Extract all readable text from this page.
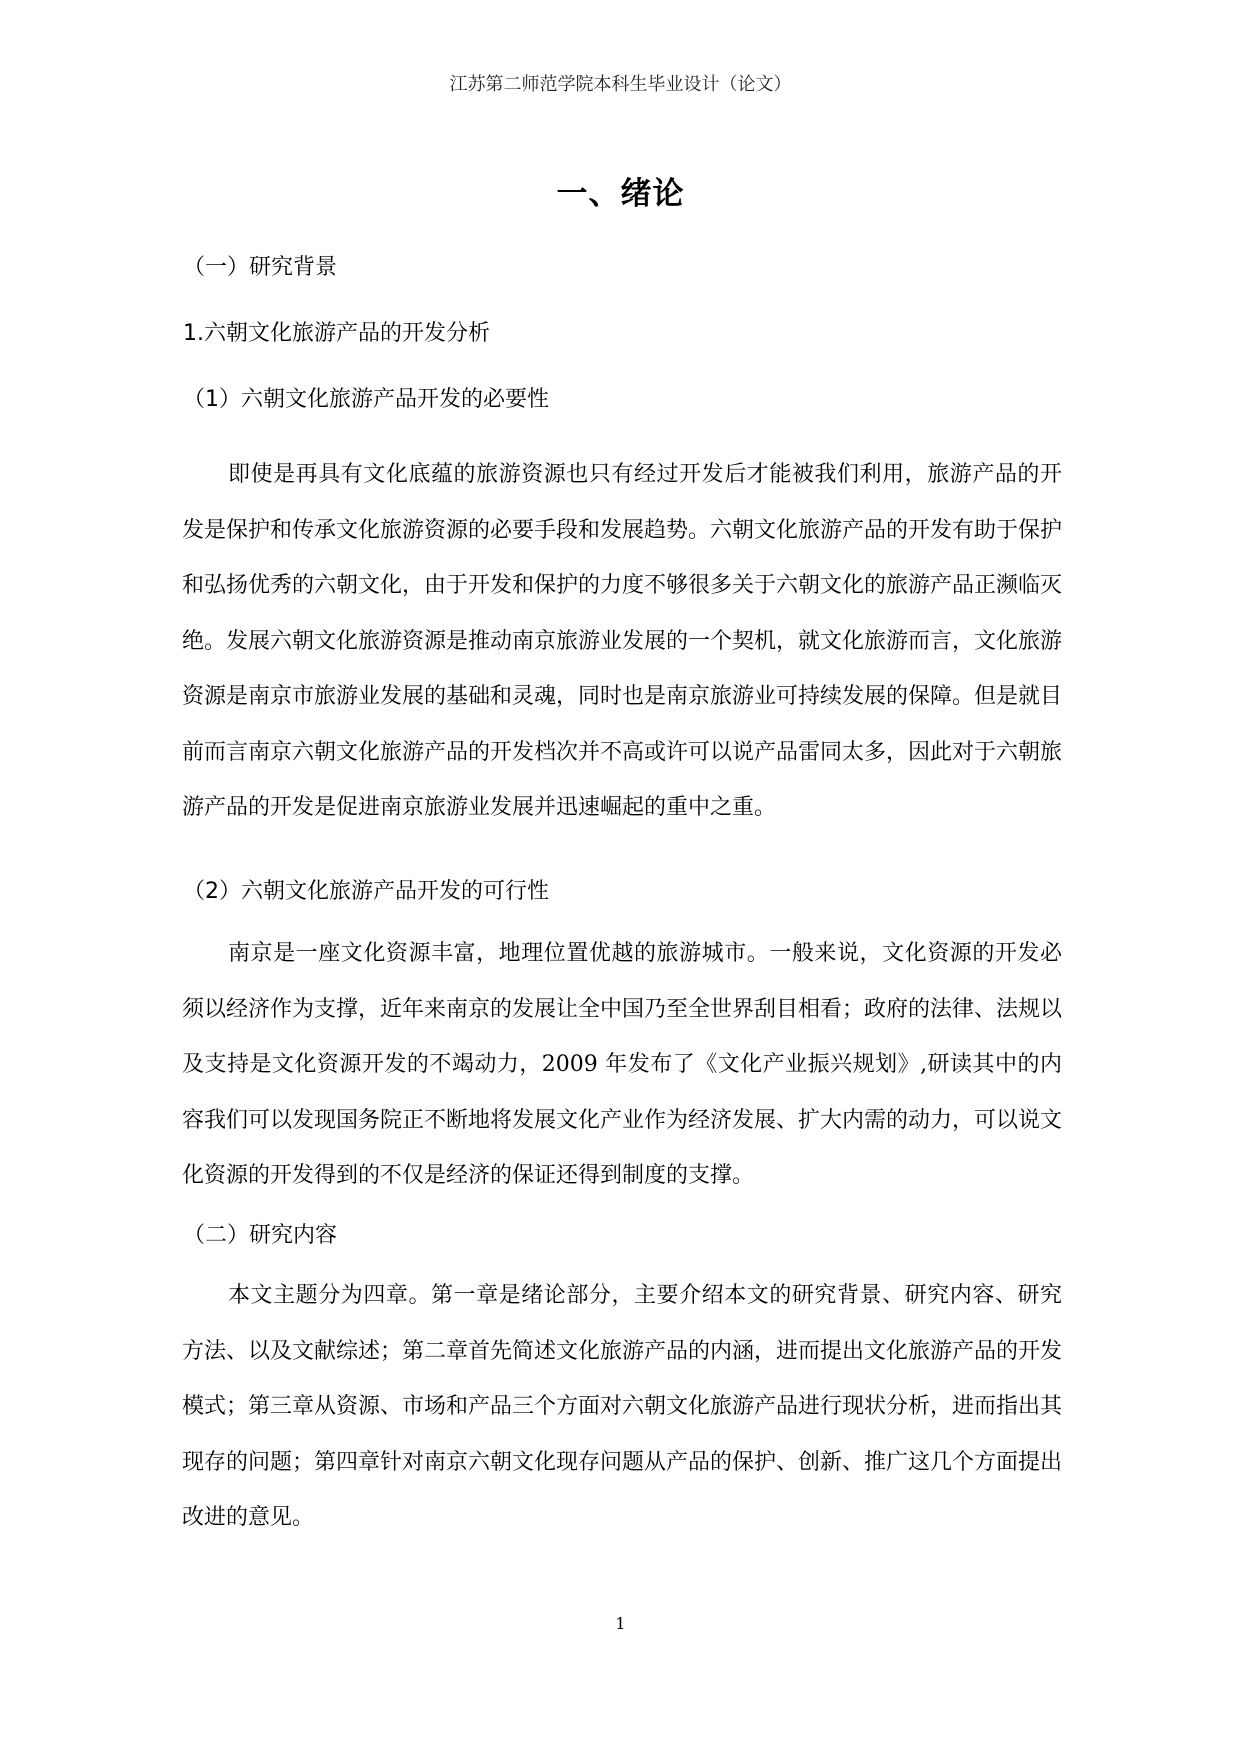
江苏第二师范学院本科生毕业设计（论文）
一、绪论
（一）研究背景
1.六朝文化旅游产品的开发分析
（1）六朝文化旅游产品开发的必要性
即使是再具有文化底蕴的旅游资源也只有经过开发后才能被我们利用，旅游产品的开发是保护和传承文化旅游资源的必要手段和发展趋势。六朝文化旅游产品的开发有助于保护和弘扬优秀的六朝文化，由于开发和保护的力度不够很多关于六朝文化的旅游产品正濒临灭绝。发展六朝文化旅游资源是推动南京旅游业发展的一个契机，就文化旅游而言，文化旅游资源是南京市旅游业发展的基础和灵魂，同时也是南京旅游业可持续发展的保障。但是就目前而言南京六朝文化旅游产品的开发档次并不高或许可以说产品雷同太多，因此对于六朝旅游产品的开发是促进南京旅游业发展并迅速崛起的重中之重。
（2）六朝文化旅游产品开发的可行性
南京是一座文化资源丰富，地理位置优越的旅游城市。一般来说，文化资源的开发必须以经济作为支撑，近年来南京的发展让全中国乃至全世界刮目相看；政府的法律、法规以及支持是文化资源开发的不竭动力，2009 年发布了《文化产业振兴规划》,研读其中的内容我们可以发现国务院正不断地将发展文化产业作为经济发展、扩大内需的动力，可以说文化资源的开发得到的不仅是经济的保证还得到制度的支撑。
（二）研究内容
本文主题分为四章。第一章是绪论部分，主要介绍本文的研究背景、研究内容、研究方法、以及文献综述；第二章首先简述文化旅游产品的内涵，进而提出文化旅游产品的开发模式；第三章从资源、市场和产品三个方面对六朝文化旅游产品进行现状分析，进而指出其现存的问题；第四章针对南京六朝文化现存问题从产品的保护、创新、推广这几个方面提出改进的意见。
1
